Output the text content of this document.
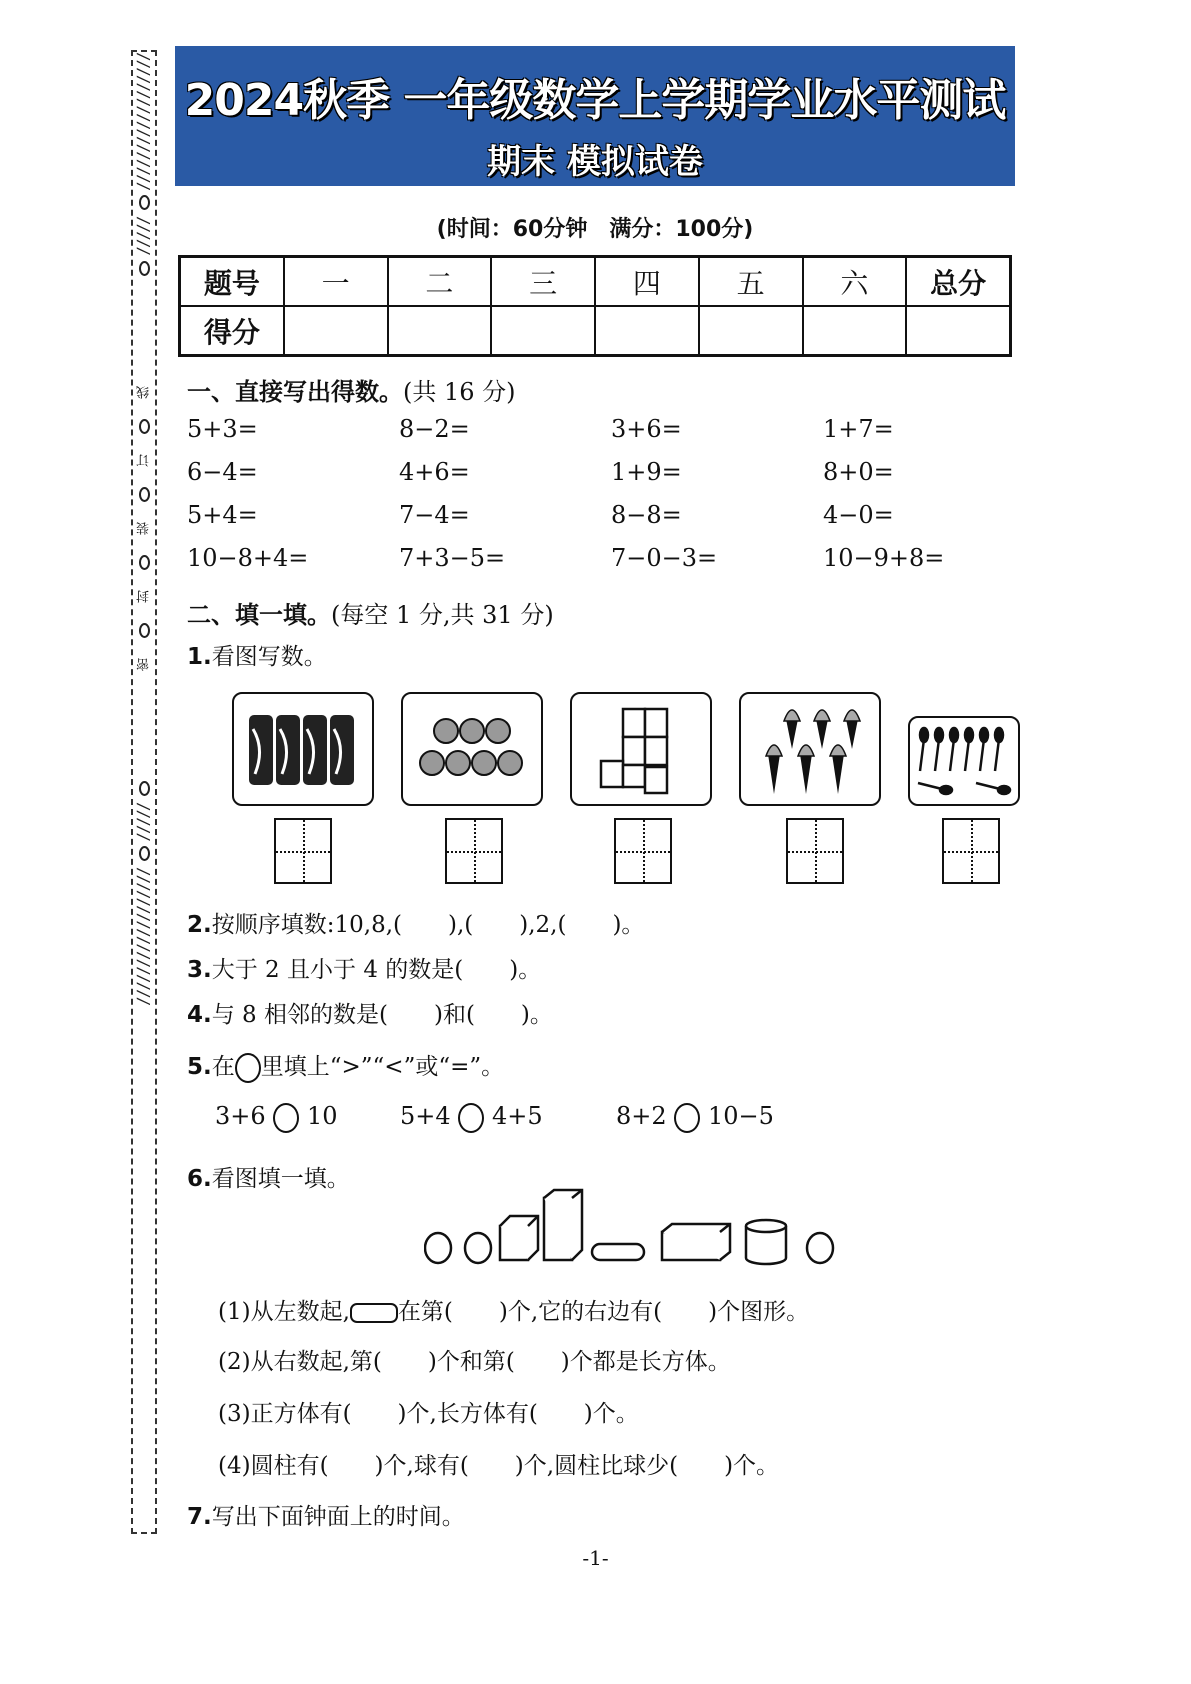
//////////////////
/////
线
订
装
封
密
/////
//////////////////
2024秋季 一年级数学上学期学业水平测试
期末 模拟试卷
(时间：60分钟　满分：100分)
题号	一	二	三	四	五	六	总分
得分							
一、直接写出得数。(共 16 分)
5+3=	8−2=	3+6=	1+7=
6−4=	4+6=	1+9=	8+0=
5+4=	7−4=	8−8=	4−0=
10−8+4=	7+3−5=	7−0−3=	10−9+8=
二、填一填。(每空 1 分,共 31 分)
1.看图写数。
2.按顺序填数:10,8,(　　),(　　),2,(　　)。
3.大于 2 且小于 4 的数是(　　)。
4.与 8 相邻的数是(　　)和(　　)。
5.在 里填上“>”“<”或“=”。
3+6 10	5+4 4+5	8+2 10−5
6.看图填一填。
(1)从左数起, 在第(　　)个,它的右边有(　　)个图形。
(2)从右数起,第(　　)个和第(　　)个都是长方体。
(3)正方体有(　　)个,长方体有(　　)个。
(4)圆柱有(　　)个,球有(　　)个,圆柱比球少(　　)个。
7.写出下面钟面上的时间。
-1-
